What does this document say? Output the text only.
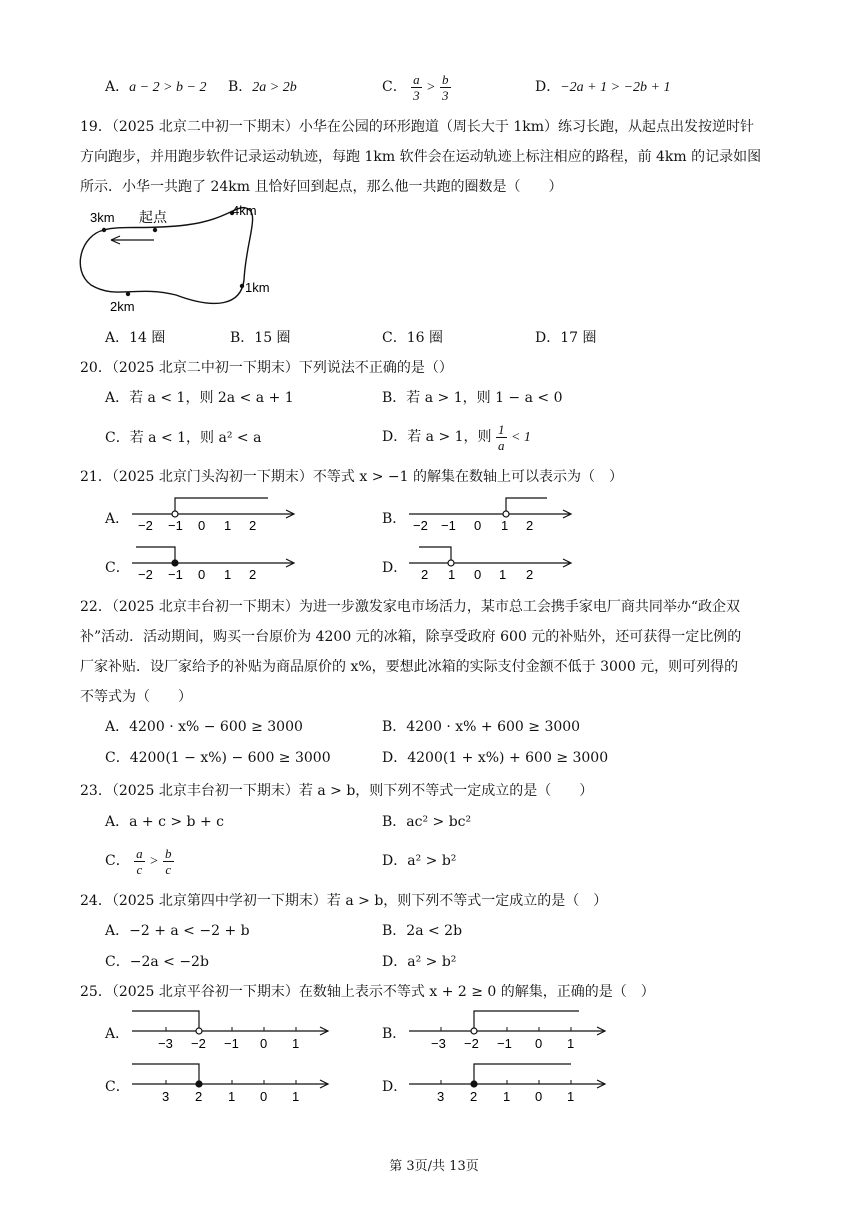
A．a − 2 > b − 2 B．2a > 2b	C． $\frac{a}{3} > \frac{b}{3}$	D．−2a + 1 > −2b + 1
19．（2025 北京二中初一下期末）小华在公园的环形跑道（周长大于 1km）练习长跑，从起点出发按逆时针
方向跑步，并用跑步软件记录运动轨迹，每跑 1km 软件会在运动轨迹上标注相应的路程，前 4km 的记录如图
所示．小华一共跑了 24km 且恰好回到起点，那么他一共跑的圈数是（　　）
3km 起点	4km
1km
2km
A．14 圈	B．15 圈	C．16 圈	D．17 圈
20．（2025 北京二中初一下期末）下列说法不正确的是（）
A．若 a < 1，则 2a < a + 1	B．若 a > 1，则 1 − a < 0
C．若 a < 1，则 a² < a	D．若 a > 1，则 $\frac{1}{a} < 1$
21．（2025 北京门头沟初一下期末）不等式 x > −1 的解集在数轴上可以表示为（　）
A． −2 −1 0 1 2	B． −2 −1 0 1 2
C． −2 −1 0 1 2	D． 2 1 0 1 2
22．（2025 北京丰台初一下期末）为进一步激发家电市场活力，某市总工会携手家电厂商共同举办“政企双
补”活动．活动期间，购买一台原价为 4200 元的冰箱，除享受政府 600 元的补贴外，还可获得一定比例的
厂家补贴．设厂家给予的补贴为商品原价的 x%，要想此冰箱的实际支付金额不低于 3000 元，则可列得的
不等式为（　　）
A．4200 · x% − 600 ≥ 3000	B．4200 · x% + 600 ≥ 3000
C．4200(1 − x%) − 600 ≥ 3000	D．4200(1 + x%) + 600 ≥ 3000
23．（2025 北京丰台初一下期末）若 a > b，则下列不等式一定成立的是（　　）
A．a + c > b + c	B．ac² > bc²
C． $\frac{a}{c} > \frac{b}{c}$	D．a² > b²
24．（2025 北京第四中学初一下期末）若 a > b，则下列不等式一定成立的是（　）
A．−2 + a < −2 + b	B．2a < 2b
C．−2a < −2b	D．a² > b²
25．（2025 北京平谷初一下期末）在数轴上表示不等式 x + 2 ≥ 0 的解集，正确的是（　）
A．
−3 −2 −1 0 1
B．
−3 −2 −1 0 1
C．
3 2 1 0 1
D．
3 2 1 0 1
第 3页/共 13页
